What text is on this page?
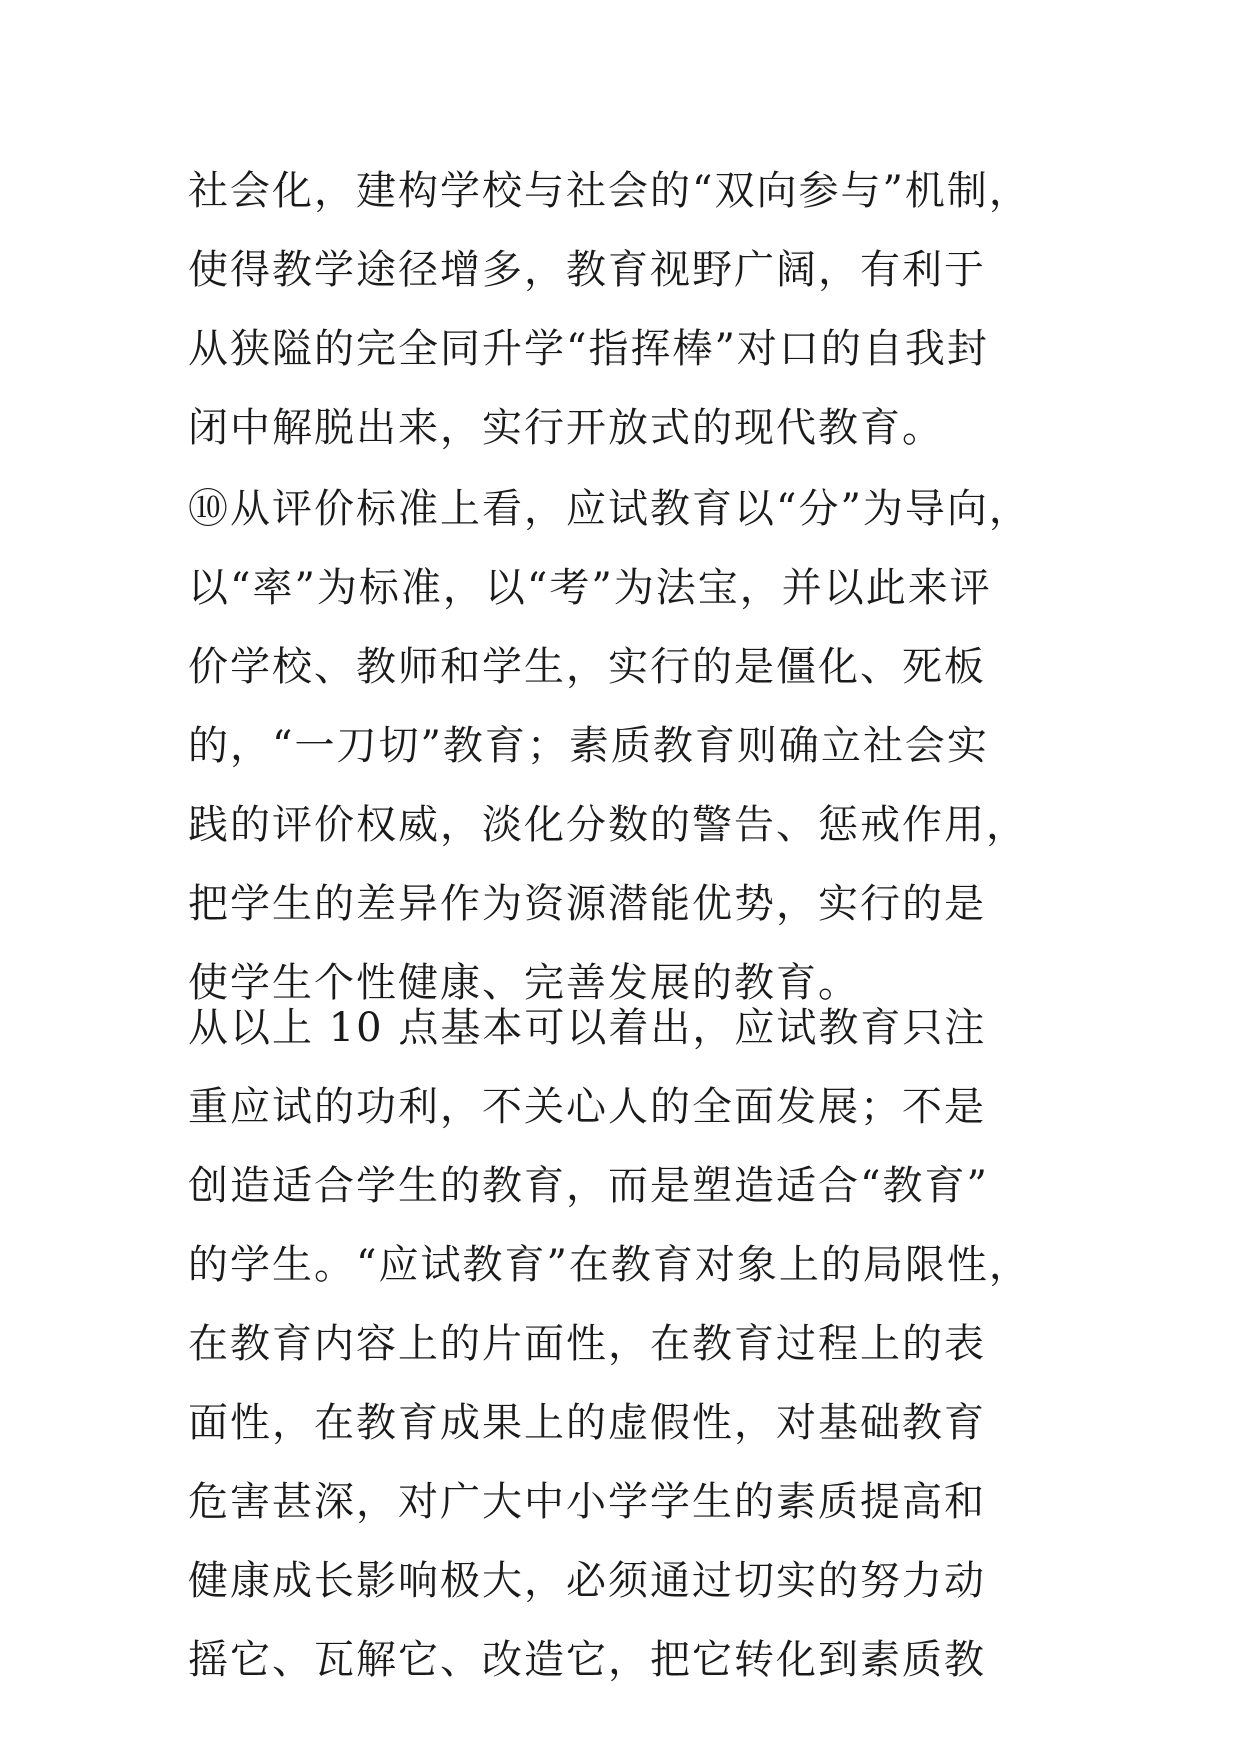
社会化，建构学校与社会的“双向参与”机制，
使得教学途径增多，教育视野广阔，有利于
从狭隘的完全同升学“指挥棒”对口的自我封
闭中解脱出来，实行开放式的现代教育。

⑩从评价标准上看，应试教育以“分”为导向，
以“率”为标准，以“考”为法宝，并以此来评
价学校、教师和学生，实行的是僵化、死板
的，“一刀切”教育；素质教育则确立社会实
践的评价权威，淡化分数的警告、惩戒作用，
把学生的差异作为资源潜能优势，实行的是
使学生个性健康、完善发展的教育。

从以上 10 点基本可以着出，应试教育只注
重应试的功利，不关心人的全面发展；不是
创造适合学生的教育，而是塑造适合“教育”
的学生。“应试教育”在教育对象上的局限性，
在教育内容上的片面性，在教育过程上的表
面性，在教育成果上的虚假性，对基础教育
危害甚深，对广大中小学学生的素质提高和
健康成长影响极大，必须通过切实的努力动
摇它、瓦解它、改造它，把它转化到素质教
